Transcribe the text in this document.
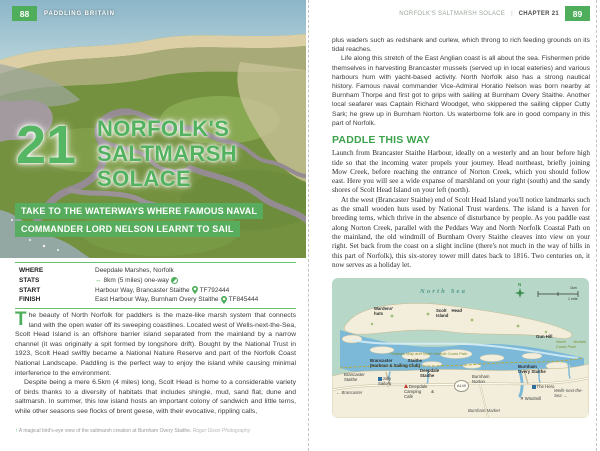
88 PADDLING BRITAIN
21 NORFOLK'S
SALTMARSH
SOLACE
TAKE TO THE WATERWAYS WHERE FAMOUS NAVAL
COMMANDER LORD NELSON LEARNT TO SAIL
WHERE	Deepdale Marshes, Norfolk
STATS	↔ 8km (5 miles) one-way
START	Harbour Way, Brancaster Staithe TF792444
FINISH	East Harbour Way, Burnham Overy Staithe TF845444

The beauty of North Norfolk for paddlers is the maze-like marsh system that connects land with the open water off its sweeping coastlines. Located west of Wells-next-the-Sea, Scolt Head Island is an offshore barrier island separated from the mainland by a narrow channel (it was originally a spit formed by longshore drift). Bought by the National Trust in 1923, Scolt Head swiftly became a National Nature Reserve and part of the Norfolk Coast National Landscape. Paddling is the perfect way to enjoy the island while causing minimal interference to the environment.

Despite being a mere 6.5km (4 miles) long, Scolt Head is home to a considerable variety of birds thanks to a diversity of habitats that includes shingle, mud, sand flat, dune and saltmarsh. In summer, this low island hosts an important colony of sandwich and little terns, while other seasons see flocks of brent geese, with their evocative, rippling calls,

↑ A magical bird's-eye view of the saltmarsh creation at Burnham Overy Staithe. Roger Dixon Photography
NORFOLK'S SALTMARSH SOLACE | CHAPTER 21 89

plus waders such as redshank and curlew, which throng to rich feeding grounds on its tidal reaches.

Life along this stretch of the East Anglian coast is all about the sea. Fishermen pride themselves in harvesting Brancaster mussels (served up in local eateries) and various harbours hum with yacht-based activity. North Norfolk also has a strong nautical history. Famous naval commander Vice-Admiral Horatio Nelson was born nearby at Burnham Thorpe and first got to grips with sailing at Burnham Overy Staithe. Another local seafarer was Captain Richard Woodget, who skippered the sailing clipper Cutty Sark; he grew up in Burnham Norton. Us waterborne folk are in good company in this part of Norfolk.

PADDLE THIS WAY

Launch from Brancaster Staithe Harbour, ideally on a westerly and an hour before high tide so that the incoming water propels your journey. Head northeast, briefly joining Mow Creek, before reaching the entrance of Norton Creek, which you should follow east. Here you will see a wide expanse of marshland on your right (south) and the sandy shores of Scolt Head Island on your left (north).

At the west (Brancaster Staithe) end of Scolt Head Island you'll notice landmarks such as the small wooden huts used by National Trust wardens. The island is a haven for breeding terns, which thrive in the absence of disturbance by people. As you paddle east along Norton Creek, parallel with the Peddars Way and North Norfolk Coastal Path on the mainland, the old windmill of Burnham Overy Staithe cleaves into view on your right. Set back from the coast on a slight incline (there's not much in the way of hills in this part of Norfolk), this six-storey tower mill dates back to 1816. Two centuries on, it now serves as a holiday let.

North Sea
N
1km
1 mile
Wardens' huts
Scolt Head Island
Gun Hill
Peddars Way and North Norfolk Coast Path
Brancaster Staithe (Harbour & Sailing Club)
Deepdale Staithe
Brancaster Staithe	Jolly Sailors
← Brancaster
Deepdale Camping & Café
A149
Burnham Norton
Burnham Overy Staithe
The Hero
✕Windmill
North Norfolk Coast Path
Wells-next-the-Sea →
Burnham Market
